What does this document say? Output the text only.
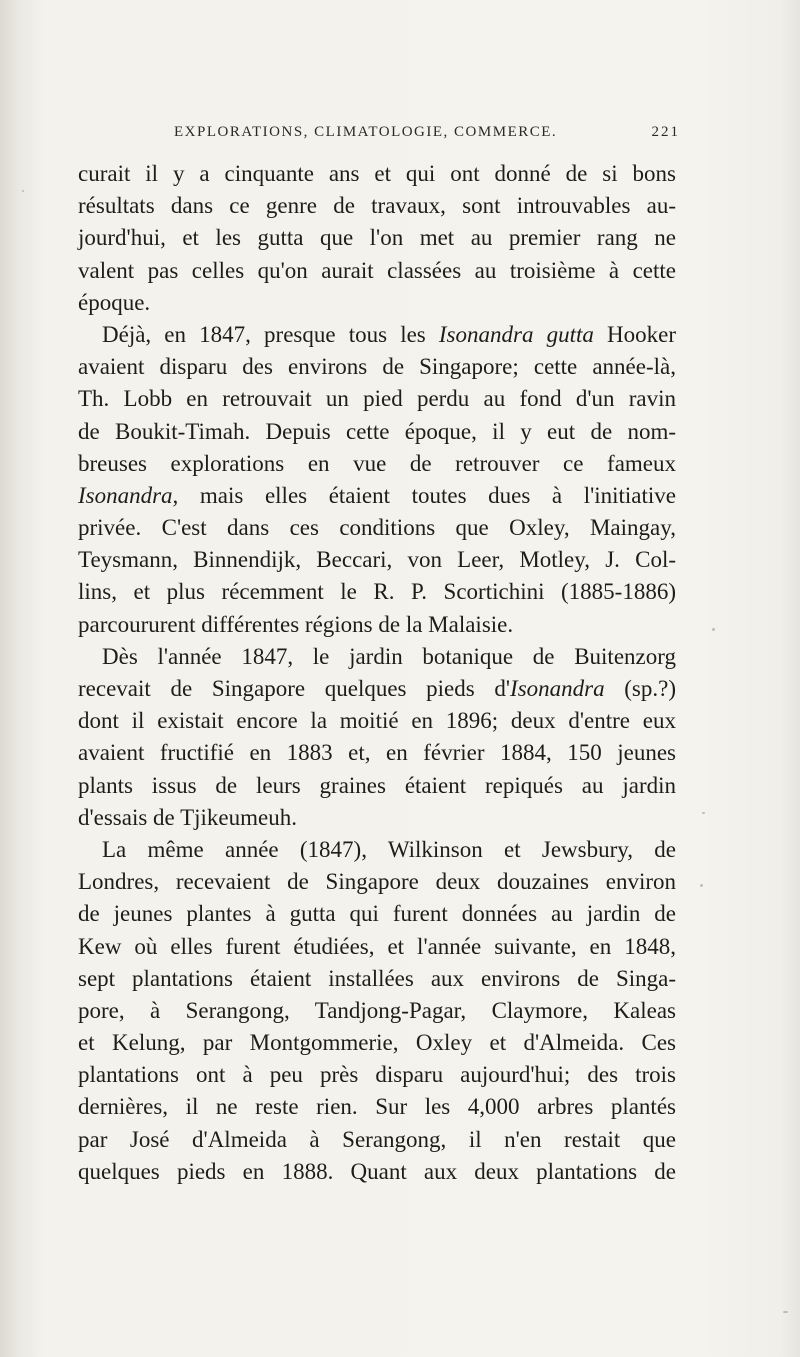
EXPLORATIONS, CLIMATOLOGIE, COMMERCE.	221
curait il y a cinquante ans et qui ont donné de si bons
résultats dans ce genre de travaux, sont introuvables au-
jourd'hui, et les gutta que l'on met au premier rang ne
valent pas celles qu'on aurait classées au troisième à cette
époque.
Déjà, en 1847, presque tous les Isonandra gutta Hooker
avaient disparu des environs de Singapore; cette année-là,
Th. Lobb en retrouvait un pied perdu au fond d'un ravin
de Boukit-Timah. Depuis cette époque, il y eut de nom-
breuses explorations en vue de retrouver ce fameux
Isonandra, mais elles étaient toutes dues à l'initiative
privée. C'est dans ces conditions que Oxley, Maingay,
Teysmann, Binnendijk, Beccari, von Leer, Motley, J. Col-
lins, et plus récemment le R. P. Scortichini (1885-1886)
parcoururent différentes régions de la Malaisie.
Dès l'année 1847, le jardin botanique de Buitenzorg
recevait de Singapore quelques pieds d'Isonandra (sp.?)
dont il existait encore la moitié en 1896; deux d'entre eux
avaient fructifié en 1883 et, en février 1884, 150 jeunes
plants issus de leurs graines étaient repiqués au jardin
d'essais de Tjikeumeuh.
La même année (1847), Wilkinson et Jewsbury, de
Londres, recevaient de Singapore deux douzaines environ
de jeunes plantes à gutta qui furent données au jardin de
Kew où elles furent étudiées, et l'année suivante, en 1848,
sept plantations étaient installées aux environs de Singa-
pore, à Serangong, Tandjong-Pagar, Claymore, Kaleas
et Kelung, par Montgommerie, Oxley et d'Almeida. Ces
plantations ont à peu près disparu aujourd'hui; des trois
dernières, il ne reste rien. Sur les 4,000 arbres plantés
par José d'Almeida à Serangong, il n'en restait que
quelques pieds en 1888. Quant aux deux plantations de
